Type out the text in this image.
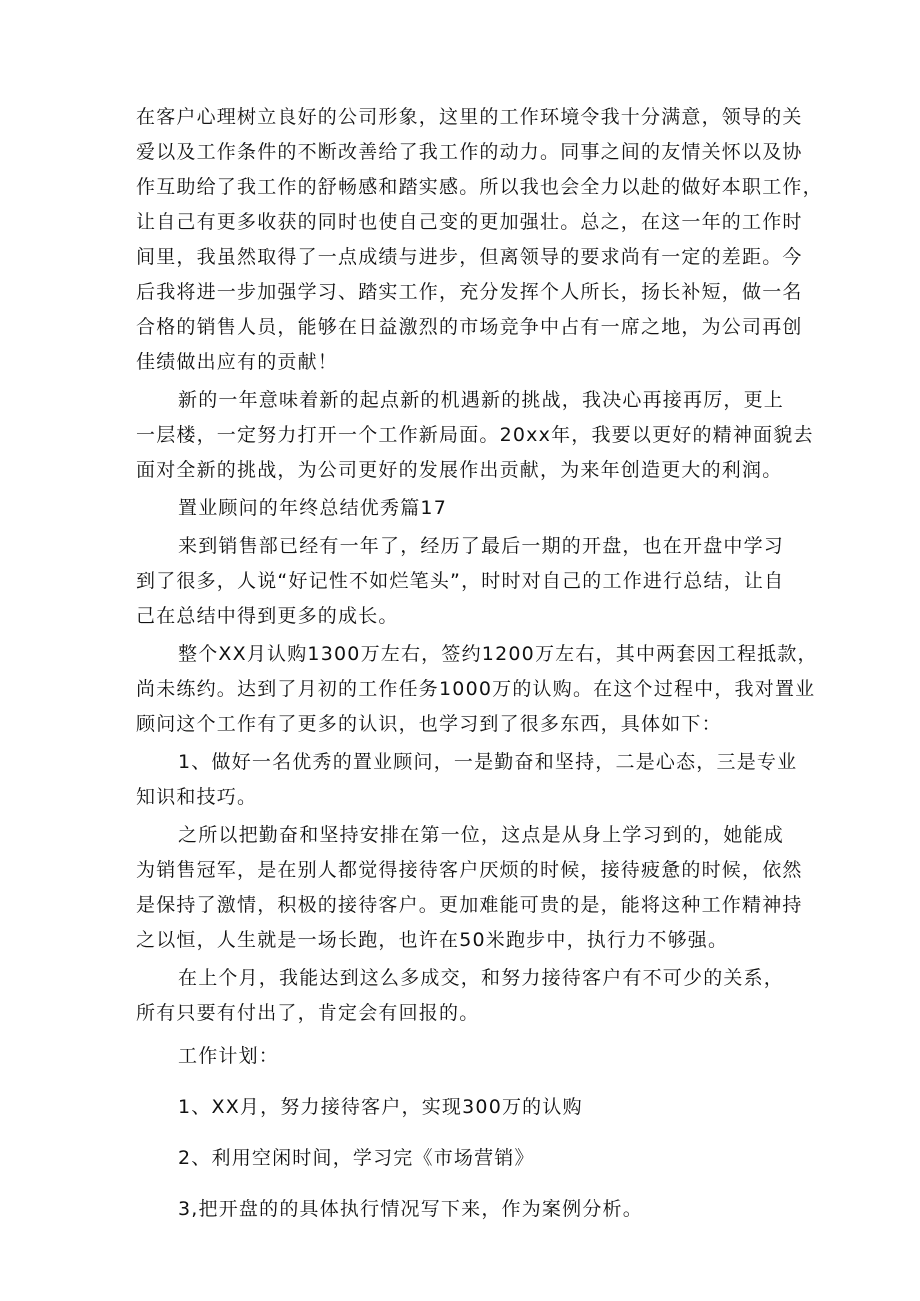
在客户心理树立良好的公司形象，这里的工作环境令我十分满意，领导的关
爱以及工作条件的不断改善给了我工作的动力。同事之间的友情关怀以及协
作互助给了我工作的舒畅感和踏实感。所以我也会全力以赴的做好本职工作，
让自己有更多收获的同时也使自己变的更加强壮。总之，在这一年的工作时
间里，我虽然取得了一点成绩与进步，但离领导的要求尚有一定的差距。今
后我将进一步加强学习、踏实工作，充分发挥个人所长，扬长补短，做一名
合格的销售人员，能够在日益激烈的市场竞争中占有一席之地，为公司再创
佳绩做出应有的贡献！
新的一年意味着新的起点新的机遇新的挑战，我决心再接再厉，更上
一层楼，一定努力打开一个工作新局面。20xx年，我要以更好的精神面貌去
面对全新的挑战，为公司更好的发展作出贡献，为来年创造更大的利润。
置业顾问的年终总结优秀篇17
来到销售部已经有一年了，经历了最后一期的开盘，也在开盘中学习
到了很多，人说“好记性不如烂笔头”，时时对自己的工作进行总结，让自
己在总结中得到更多的成长。
整个XX月认购1300万左右，签约1200万左右，其中两套因工程抵款，
尚未练约。达到了月初的工作任务1000万的认购。在这个过程中，我对置业
顾问这个工作有了更多的认识，也学习到了很多东西，具体如下：
1、做好一名优秀的置业顾问，一是勤奋和坚持，二是心态，三是专业
知识和技巧。
之所以把勤奋和坚持安排在第一位，这点是从身上学习到的，她能成
为销售冠军，是在别人都觉得接待客户厌烦的时候，接待疲惫的时候，依然
是保持了激情，积极的接待客户。更加难能可贵的是，能将这种工作精神持
之以恒，人生就是一场长跑，也许在50米跑步中，执行力不够强。
在上个月，我能达到这么多成交，和努力接待客户有不可少的关系，
所有只要有付出了，肯定会有回报的。
工作计划：
1、XX月，努力接待客户，实现300万的认购
2、利用空闲时间，学习完《市场营销》
3,把开盘的的具体执行情况写下来，作为案例分析。
